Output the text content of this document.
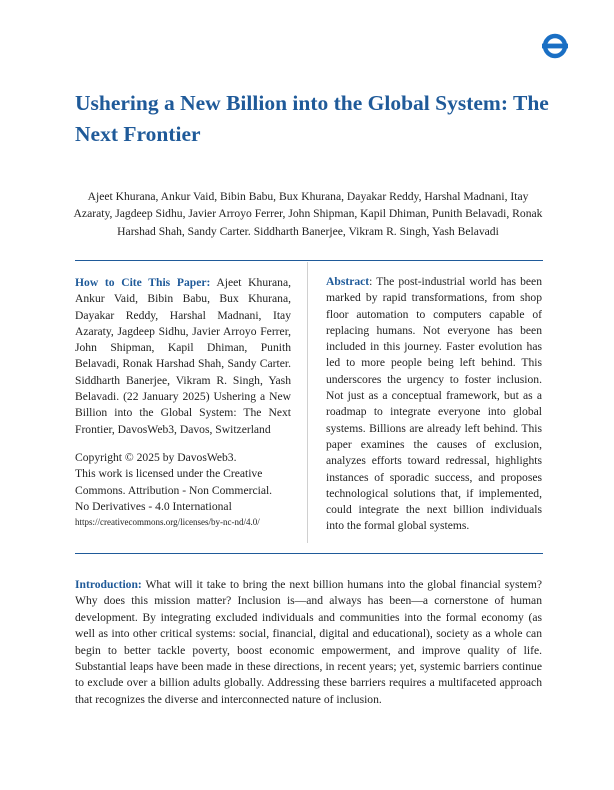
Ushering a New Billion into the Global System: The Next Frontier

Ajeet Khurana, Ankur Vaid, Bibin Babu, Bux Khurana, Dayakar Reddy, Harshal Madnani, Itay Azaraty, Jagdeep Sidhu, Javier Arroyo Ferrer, John Shipman, Kapil Dhiman, Punith Belavadi, Ronak Harshad Shah, Sandy Carter. Siddharth Banerjee, Vikram R. Singh, Yash Belavadi

How to Cite This Paper: Ajeet Khurana, Ankur Vaid, Bibin Babu, Bux Khurana, Dayakar Reddy, Harshal Madnani, Itay Azaraty, Jagdeep Sidhu, Javier Arroyo Ferrer, John Shipman, Kapil Dhiman, Punith Belavadi, Ronak Harshad Shah, Sandy Carter. Siddharth Banerjee, Vikram R. Singh, Yash Belavadi. (22 January 2025) Ushering a New Billion into the Global System: The Next Frontier, DavosWeb3, Davos, Switzerland

Copyright © 2025 by DavosWeb3.
This work is licensed under the Creative
Commons. Attribution - Non Commercial.
No Derivatives - 4.0 International
https://creativecommons.org/licenses/by-nc-nd/4.0/

Abstract: The post-industrial world has been marked by rapid transformations, from shop floor automation to computers capable of replacing humans. Not everyone has been included in this journey. Faster evolution has led to more people being left behind. This underscores the urgency to foster inclusion. Not just as a conceptual framework, but as a roadmap to integrate everyone into global systems. Billions are already left behind. This paper examines the causes of exclusion, analyzes efforts toward redressal, highlights instances of sporadic success, and proposes technological solutions that, if implemented, could integrate the next billion individuals into the formal global systems.

Introduction: What will it take to bring the next billion humans into the global financial system? Why does this mission matter? Inclusion is—and always has been—a cornerstone of human development. By integrating excluded individuals and communities into the formal economy (as well as into other critical systems: social, financial, digital and educational), society as a whole can begin to better tackle poverty, boost economic empowerment, and improve quality of life. Substantial leaps have been made in these directions, in recent years; yet, systemic barriers continue to exclude over a billion adults globally. Addressing these barriers requires a multifaceted approach that recognizes the diverse and interconnected nature of inclusion.
